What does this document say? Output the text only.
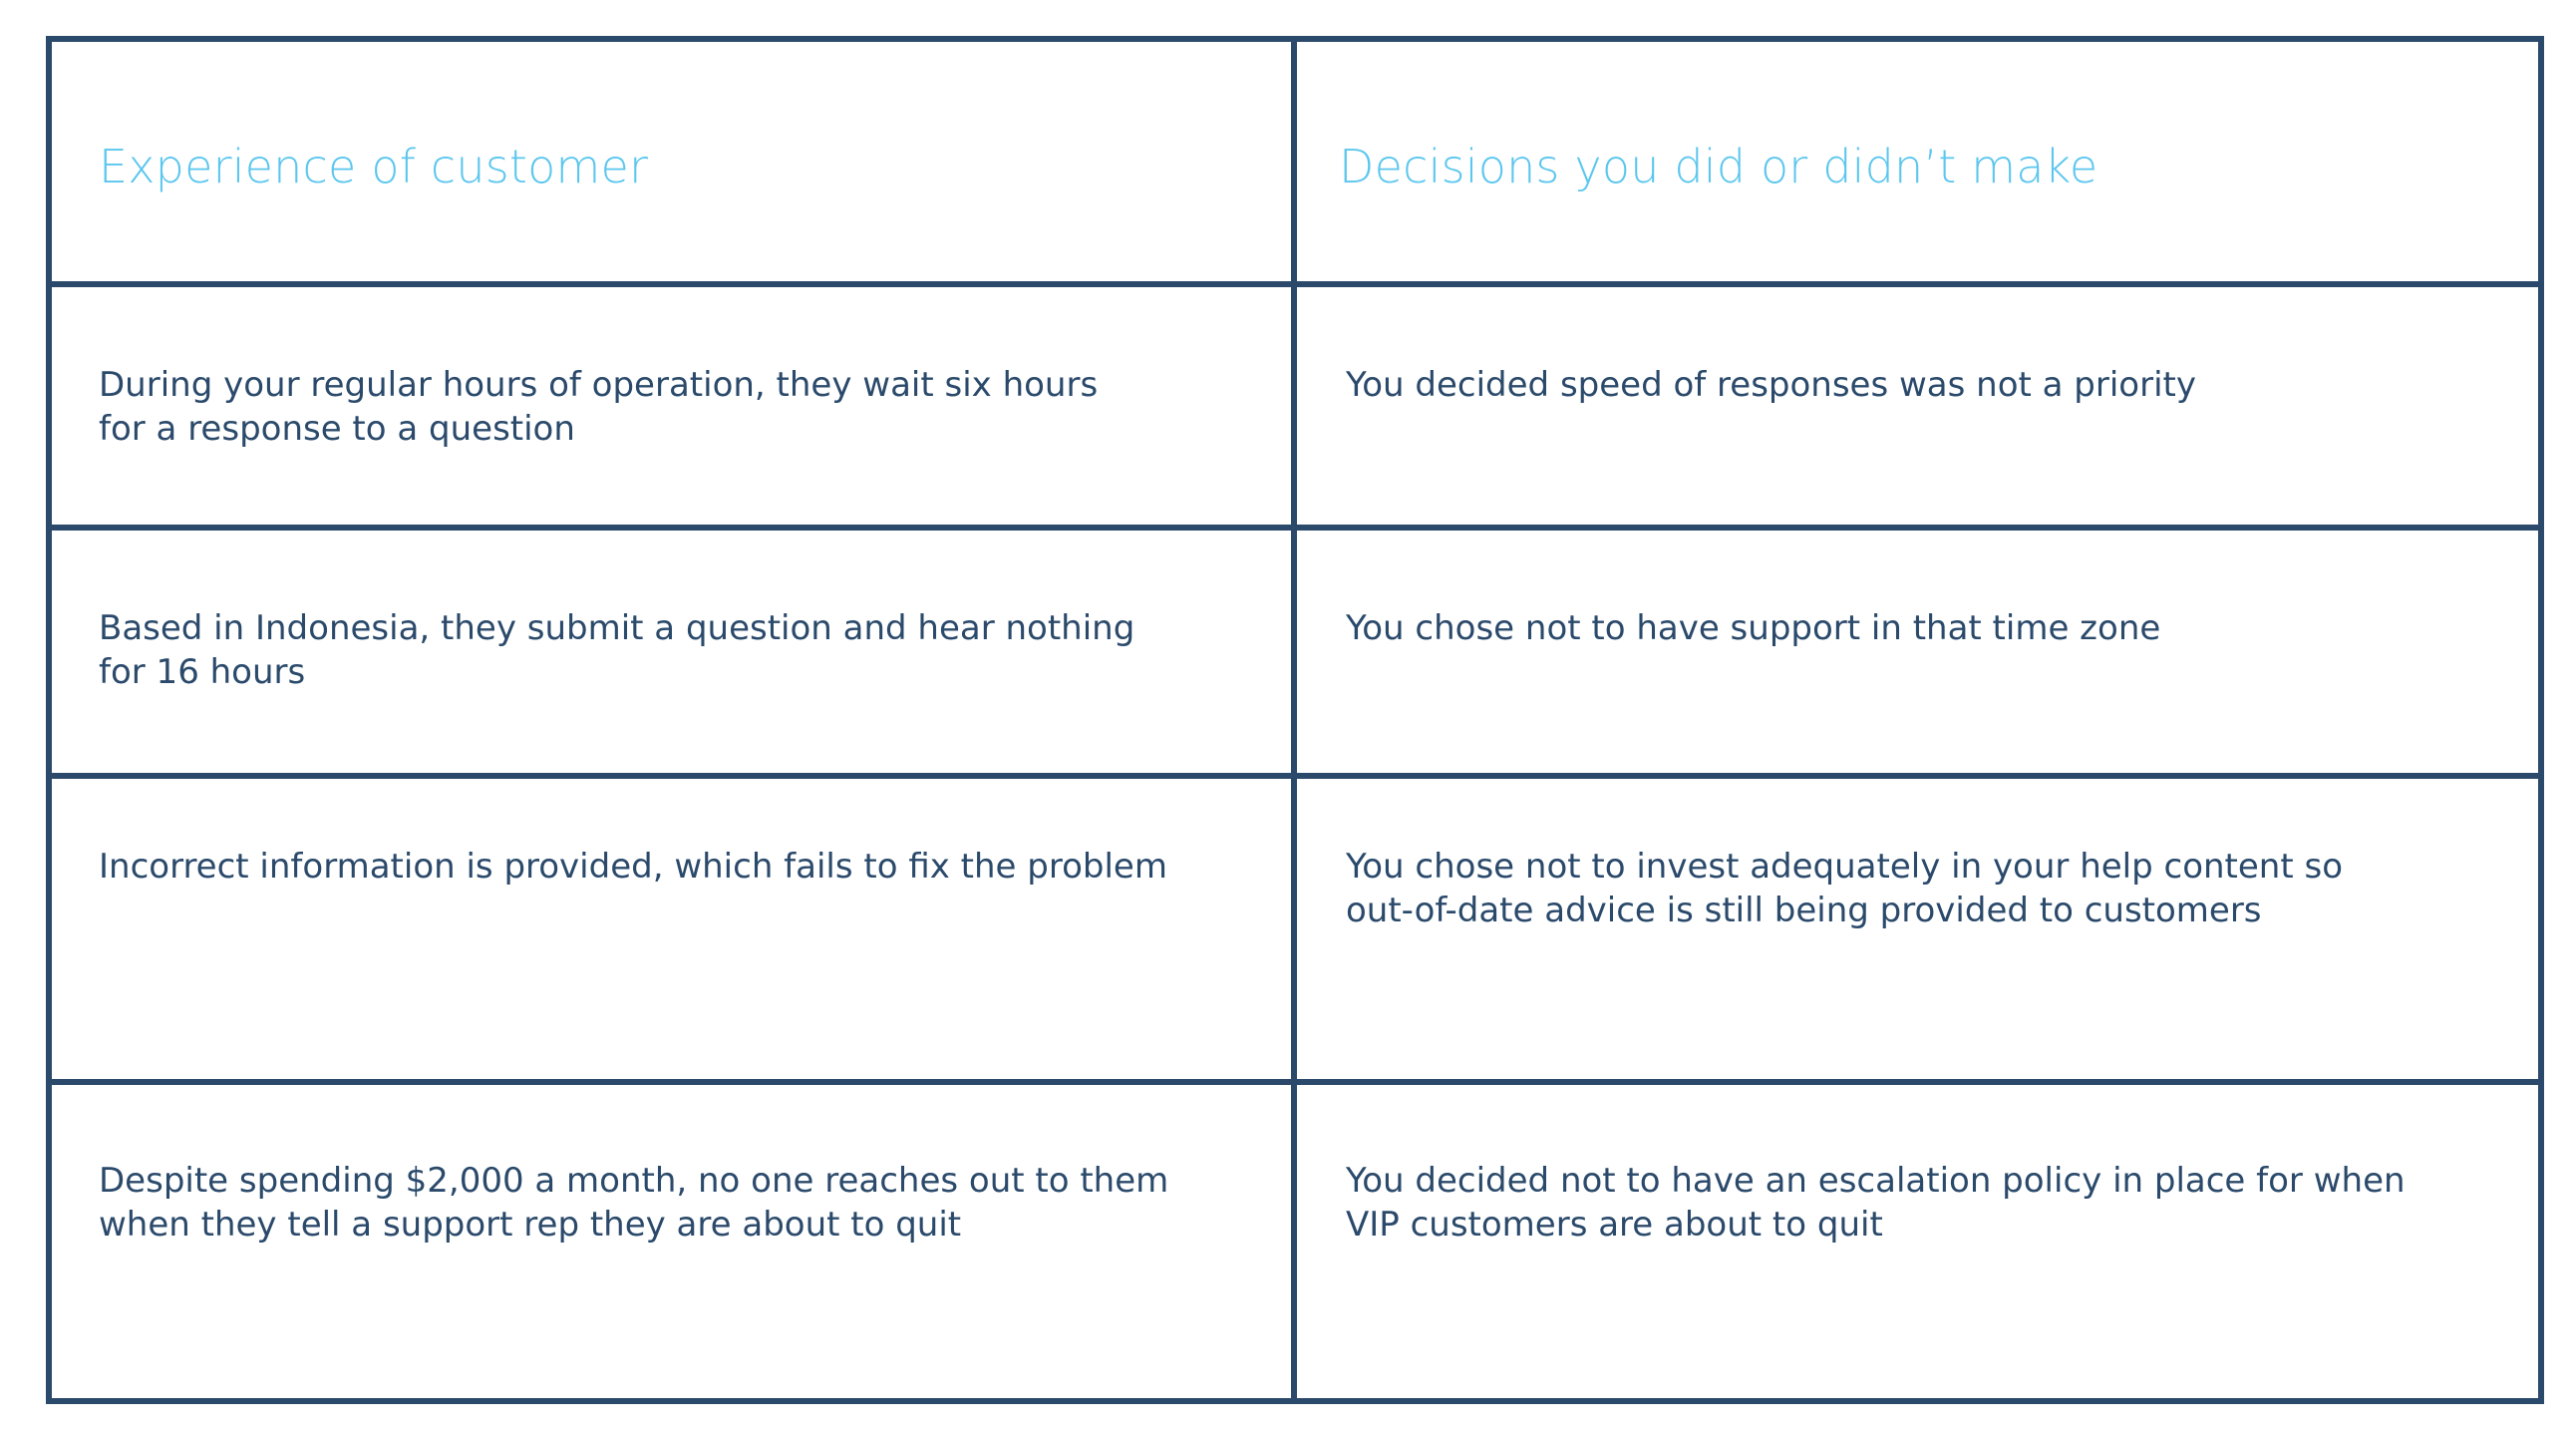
Experience of customer	Decisions you did or didn’t make
During your regular hours of operation, they wait six hours
for a response to a question
You decided speed of responses was not a priority
Based in Indonesia, they submit a question and hear nothing
for 16 hours
You chose not to have support in that time zone
Incorrect information is provided, which fails to fix the problem	You chose not to invest adequately in your help content so
out-of-date advice is still being provided to customers
Despite spending $2,000 a month, no one reaches out to them
when they tell a support rep they are about to quit
You decided not to have an escalation policy in place for when
VIP customers are about to quit
